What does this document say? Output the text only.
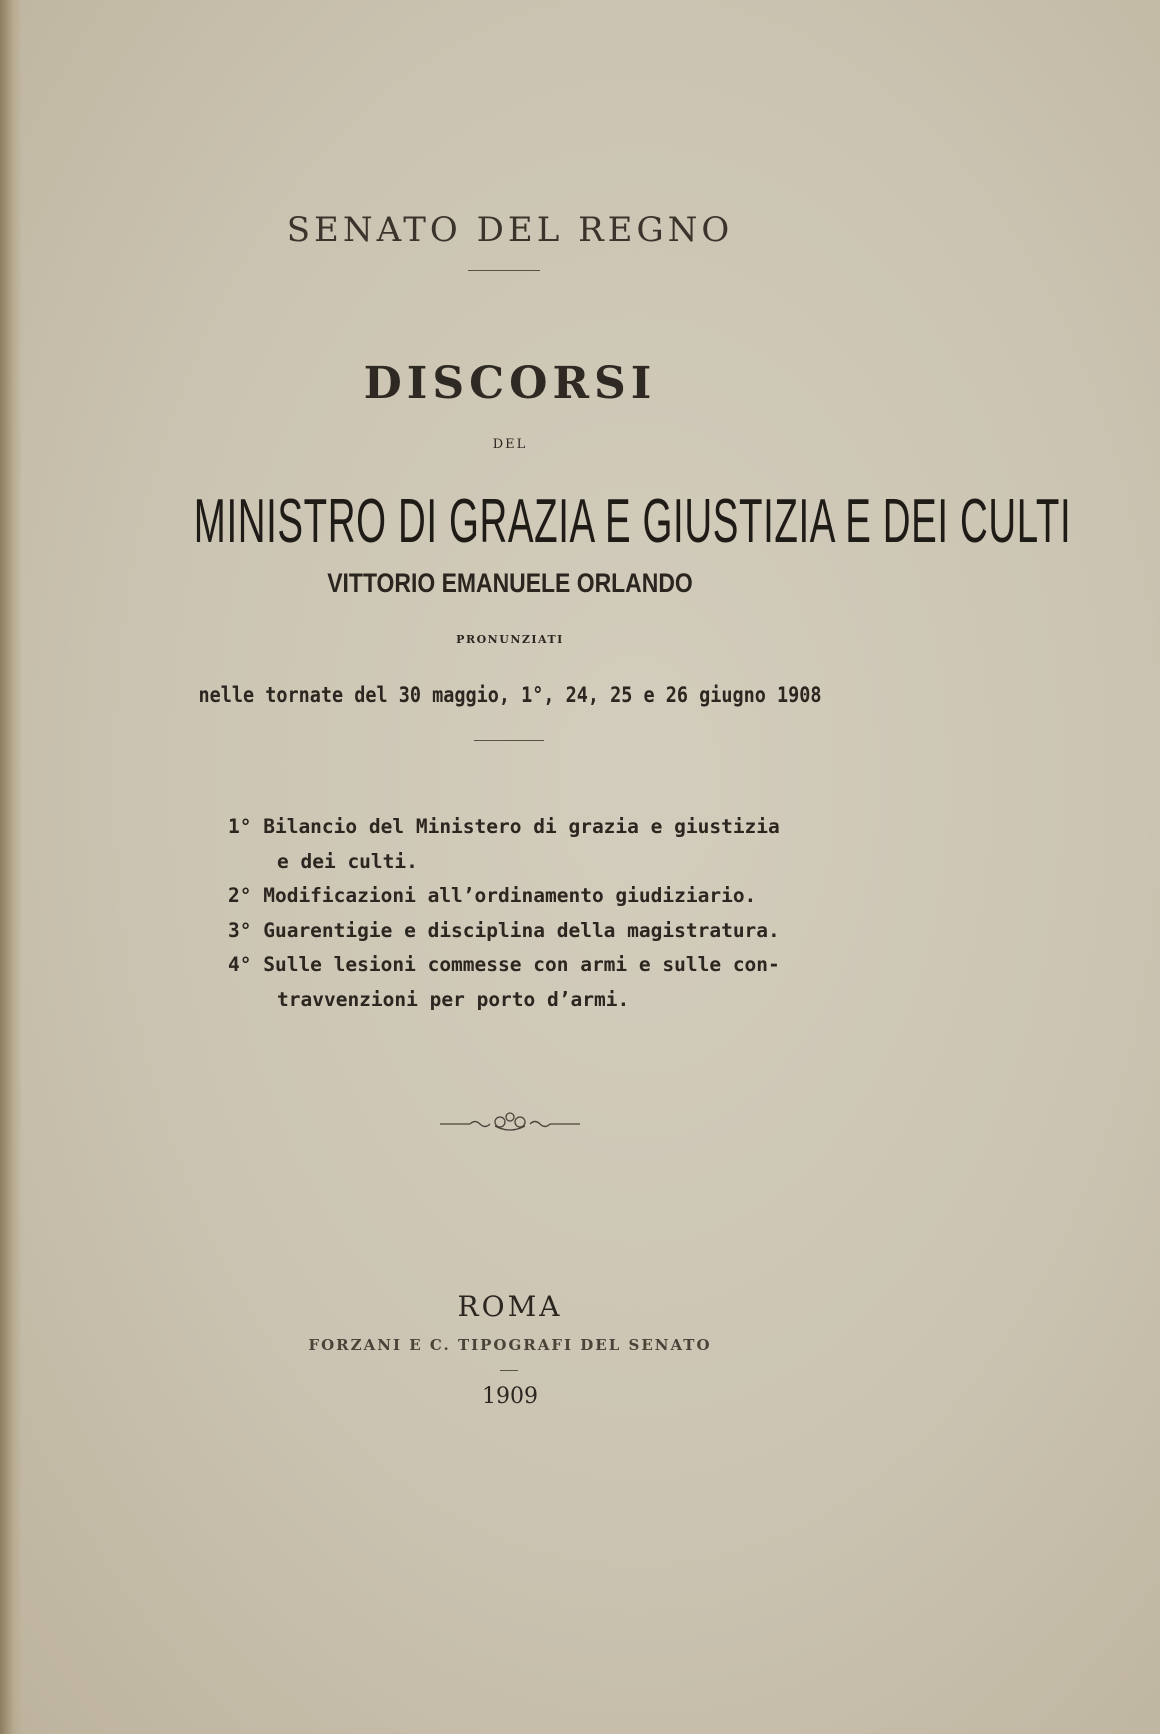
SENATO DEL REGNO
DISCORSI
DEL
MINISTRO DI GRAZIA E GIUSTIZIA E DEI CULTI
VITTORIO EMANUELE ORLANDO
PRONUNZIATI
nelle tornate del 30 maggio, 1°, 24, 25 e 26 giugno 1908
1° Bilancio del Ministero di grazia e giustizia
e dei culti.
2° Modificazioni all’ordinamento giudiziario.
3° Guarentigie e disciplina della magistratura.
4° Sulle lesioni commesse con armi e sulle con-
travvenzioni per porto d’armi.
ROMA
FORZANI E C. TIPOGRAFI DEL SENATO
1909
